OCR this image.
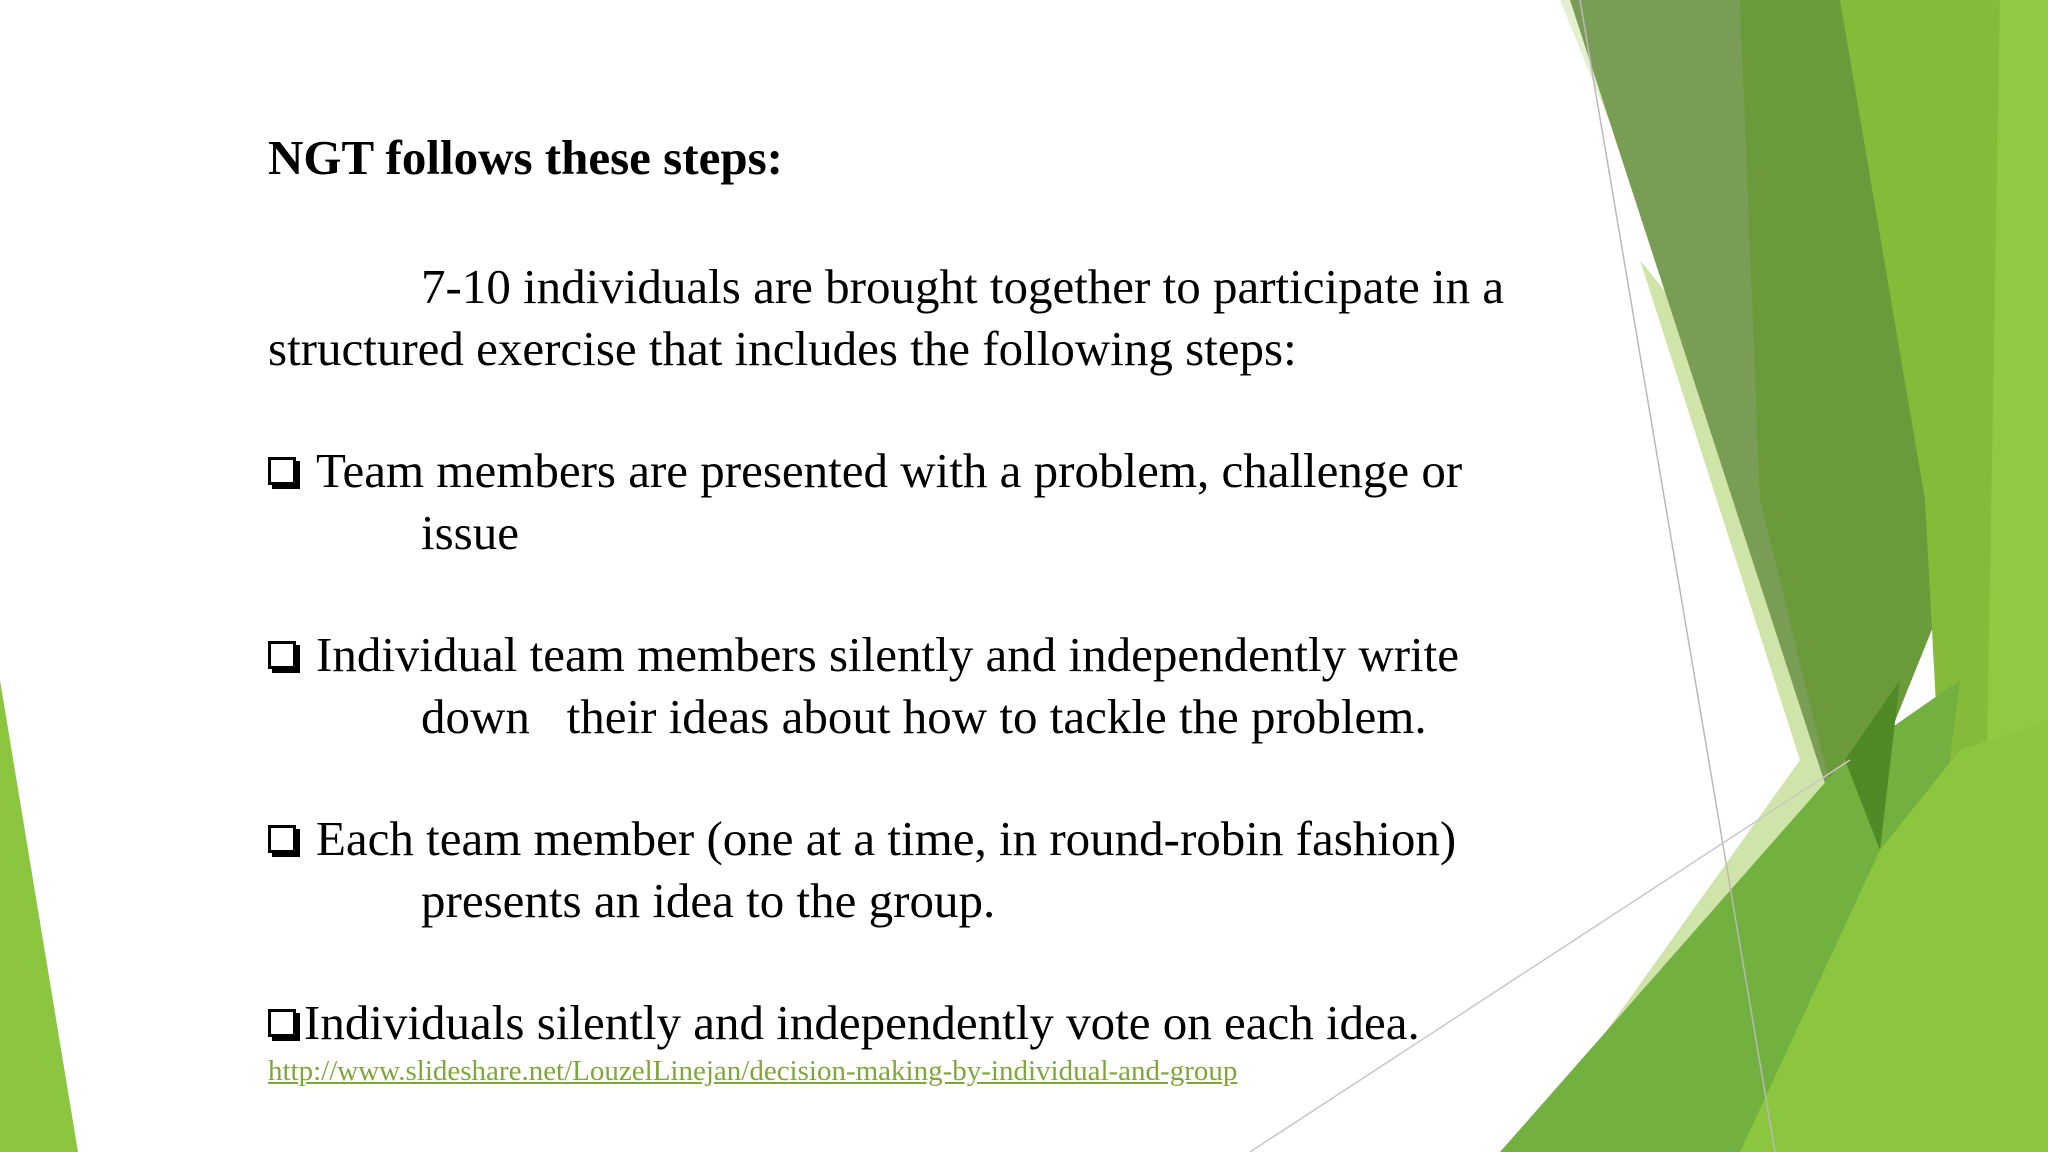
NGT follows these steps:
7-10 individuals are brought together to participate in a
structured exercise that includes the following steps:
Team members are presented with a problem, challenge or
issue
Individual team members silently and independently write
down   their ideas about how to tackle the problem.
Each team member (one at a time, in round-robin fashion)
presents an idea to the group.
Individuals silently and independently vote on each idea.
http://www.slideshare.net/LouzelLinejan/decision-making-by-individual-and-group
